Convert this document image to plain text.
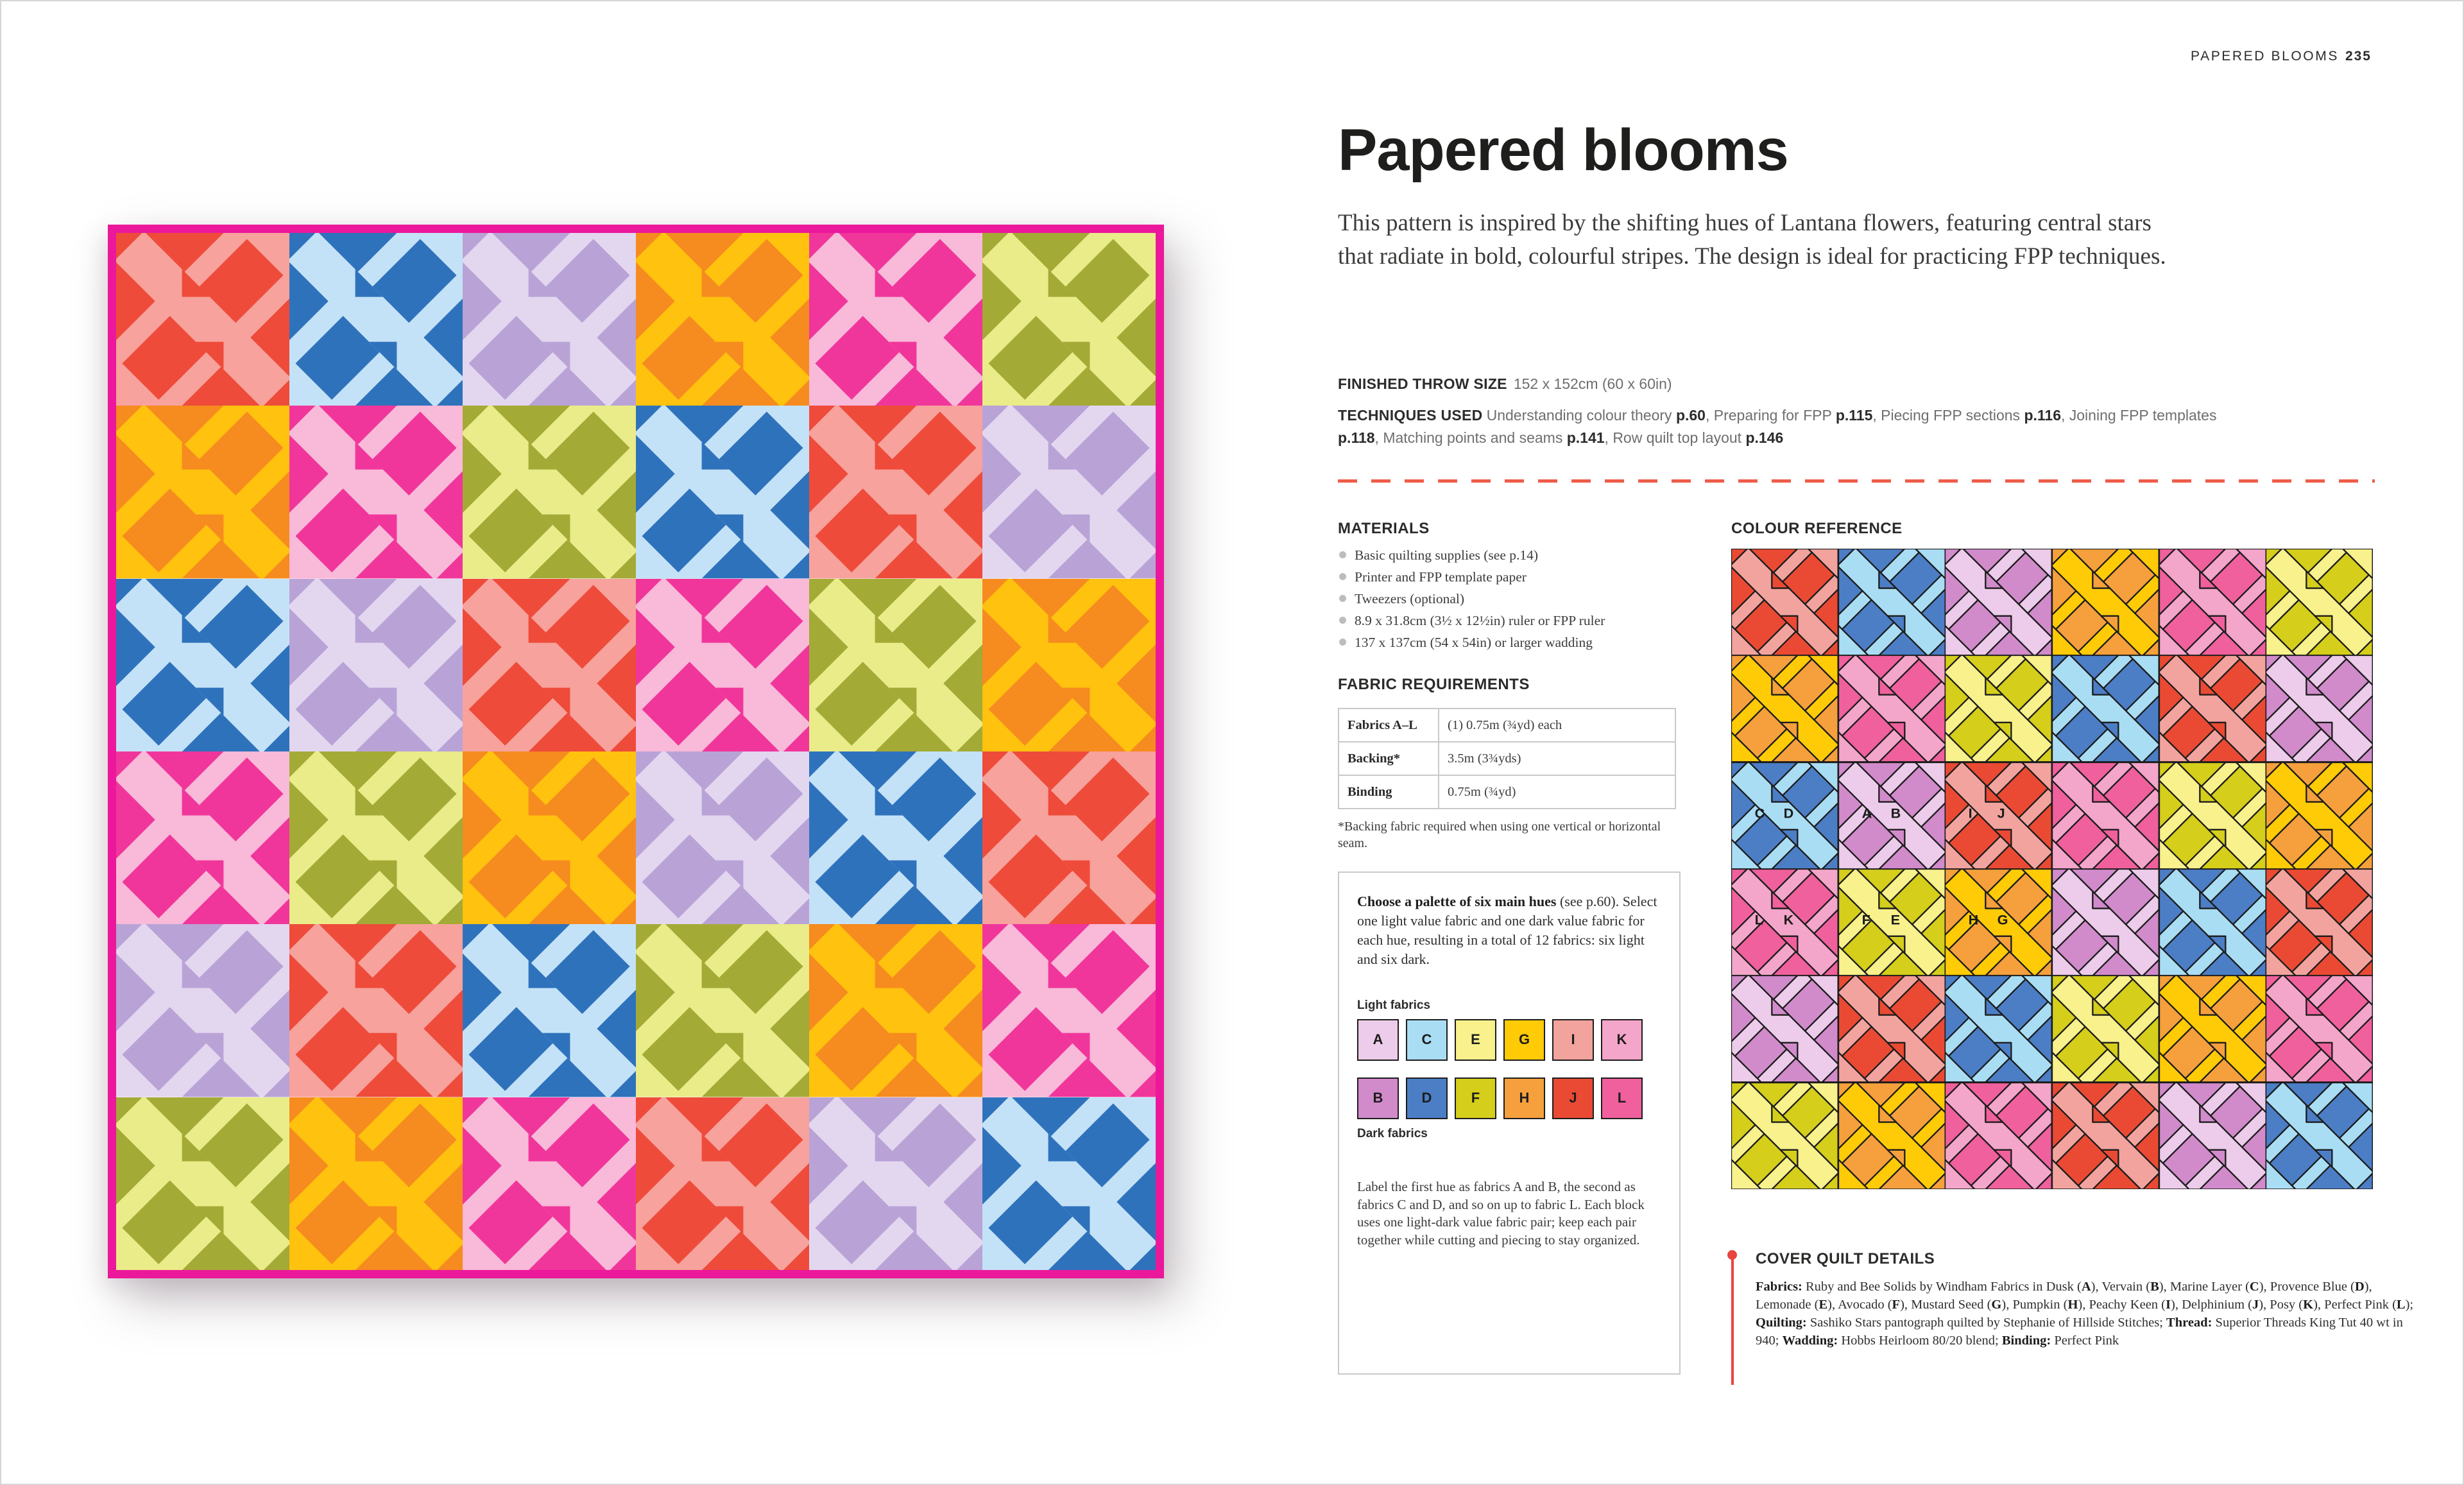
PAPERED BLOOMS 235
Papered blooms

This pattern is inspired by the shifting hues of Lantana flowers, featuring central stars that radiate in bold, colourful stripes. The design is ideal for practicing FPP techniques.

FINISHED THROW SIZE 152 x 152cm (60 x 60in)

TECHNIQUES USED Understanding colour theory p.60, Preparing for FPP p.115, Piecing FPP sections p.116, Joining FPP templates p.118, Matching points and seams p.141, Row quilt top layout p.146

MATERIALS
Basic quilting supplies (see p.14)
Printer and FPP template paper
Tweezers (optional)
8.9 x 31.8cm (3½ x 12½in) ruler or FPP ruler
137 x 137cm (54 x 54in) or larger wadding
FABRIC REQUIREMENTS
Fabrics A–L	(1) 0.75m (¾yd) each
Backing*	3.5m (3¾yds)
Binding	0.75m (¾yd)

*Backing fabric required when using one vertical or horizontal seam.

Choose a palette of six main hues (see p.60). Select one light value fabric and one dark value fabric for each hue, resulting in a total of 12 fabrics: six light and six dark.

Light fabrics
A	C	E	G	I	K
B	D	F	H	J	L
Dark fabrics

Label the first hue as fabrics A and B, the second as fabrics C and D, and so on up to fabric L. Each block uses one light-dark value fabric pair; keep each pair together while cutting and piecing to stay organized.

COLOUR REFERENCE
C D	A B	I	J
L K	F E	H G
COVER QUILT DETAILS

Fabrics: Ruby and Bee Solids by Windham Fabrics in Dusk (A), Vervain (B), Marine Layer (C), Provence Blue (D), Lemonade (E), Avocado (F), Mustard Seed (G), Pumpkin (H), Peachy Keen (I), Delphinium (J), Posy (K), Perfect Pink (L); Quilting: Sashiko Stars pantograph quilted by Stephanie of Hillside Stitches; Thread: Superior Threads King Tut 40 wt in 940; Wadding: Hobbs Heirloom 80/20 blend; Binding: Perfect Pink
